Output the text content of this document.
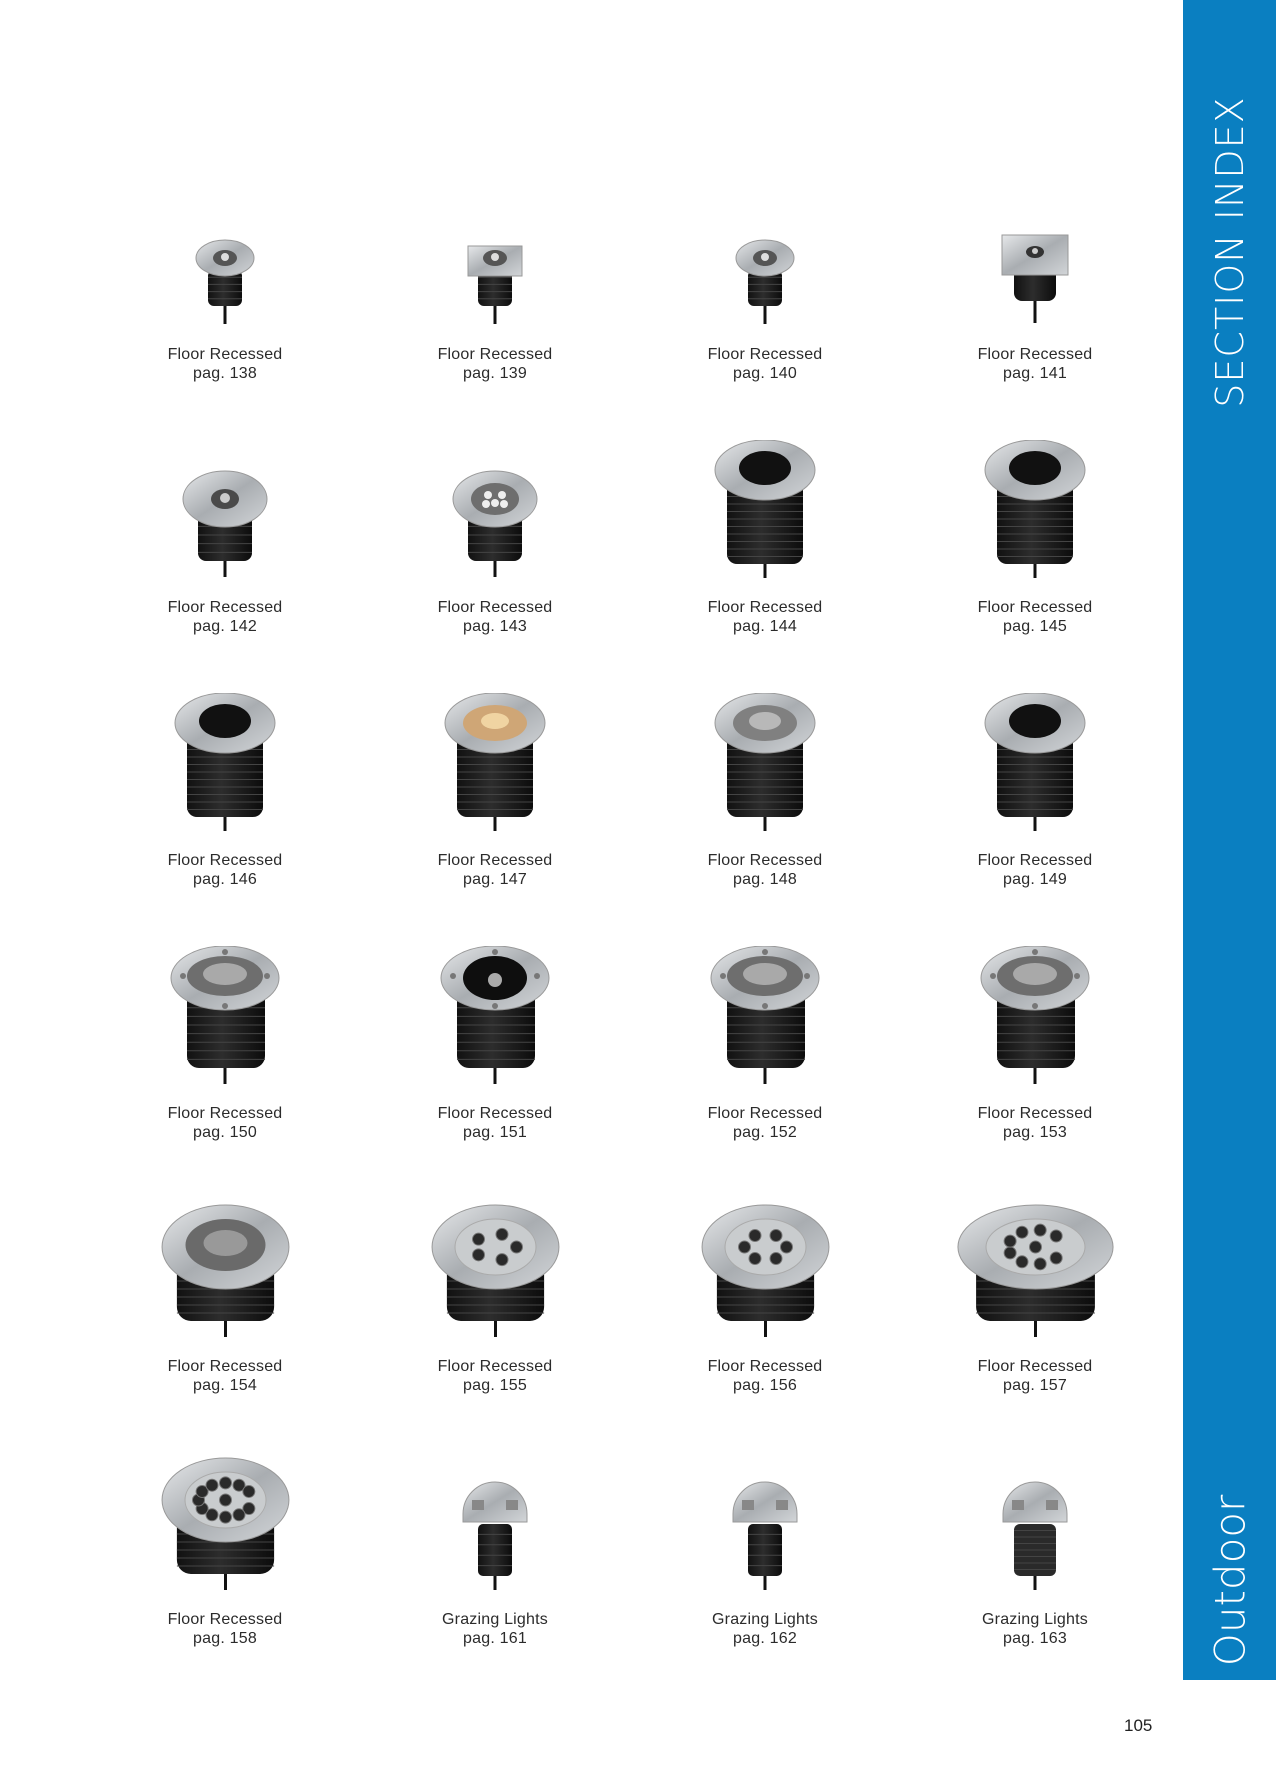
SECTION INDEX
Outdoor
Floor Recessed
pag. 138
Floor Recessed
pag. 139
Floor Recessed
pag. 140
Floor Recessed
pag. 141
Floor Recessed
pag. 142
Floor Recessed
pag. 143
Floor Recessed
pag. 144
Floor Recessed
pag. 145
Floor Recessed
pag. 146
Floor Recessed
pag. 147
Floor Recessed
pag. 148
Floor Recessed
pag. 149
Floor Recessed
pag. 150
Floor Recessed
pag. 151
Floor Recessed
pag. 152
Floor Recessed
pag. 153
Floor Recessed
pag. 154
Floor Recessed
pag. 155
Floor Recessed
pag. 156
Floor Recessed
pag. 157
Floor Recessed
pag. 158
Grazing Lights
pag. 161
Grazing Lights
pag. 162
Grazing Lights
pag. 163
105
